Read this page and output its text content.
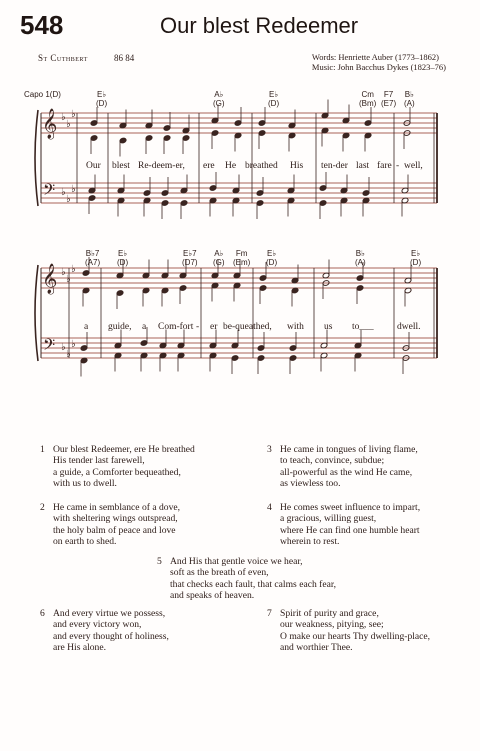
548	Our blest Redeemer
St Cuthbert	86 84	Words: Henriette Auber (1773–1862)
Music: John Bacchus Dykes (1823–76)
Capo 1(D)
𝄞
𝄢
♭
♭
♭
♭
♭
♭
𝄞
𝄢
♭
♭
♭
♭
♭
♭
E♭
(D)
A♭
(G)
E♭
(D)
Cm
(Bm)
F7
(E7)
B♭
(A)
Our blest Re-deem-er, ere He breathed His ten-der last fare - well,
B♭7
(A7)
E♭
(D)
E♭7
(D7)
A♭
(G)
Fm
(Em)
E♭
(D)
B♭
(A)
E♭
(D)
a guide, a Com-fort - er be-queathed, with us to___ dwell.
1 Our blest Redeemer, ere He breathed
His tender last farewell,
a guide, a Comforter bequeathed,
with us to dwell.
2 He came in semblance of a dove,
with sheltering wings outspread,
the holy balm of peace and love
on earth to shed.
3 He came in tongues of living flame,
to teach, convince, subdue;
all-powerful as the wind He came,
as viewless too.
4 He comes sweet influence to impart,
a gracious, willing guest,
where He can find one humble heart
wherein to rest.
5 And His that gentle voice we hear,
soft as the breath of even,
that checks each fault, that calms each fear,
and speaks of heaven.
6 And every virtue we possess,
and every victory won,
and every thought of holiness,
are His alone.
7 Spirit of purity and grace,
our weakness, pitying, see;
O make our hearts Thy dwelling-place,
and worthier Thee.
